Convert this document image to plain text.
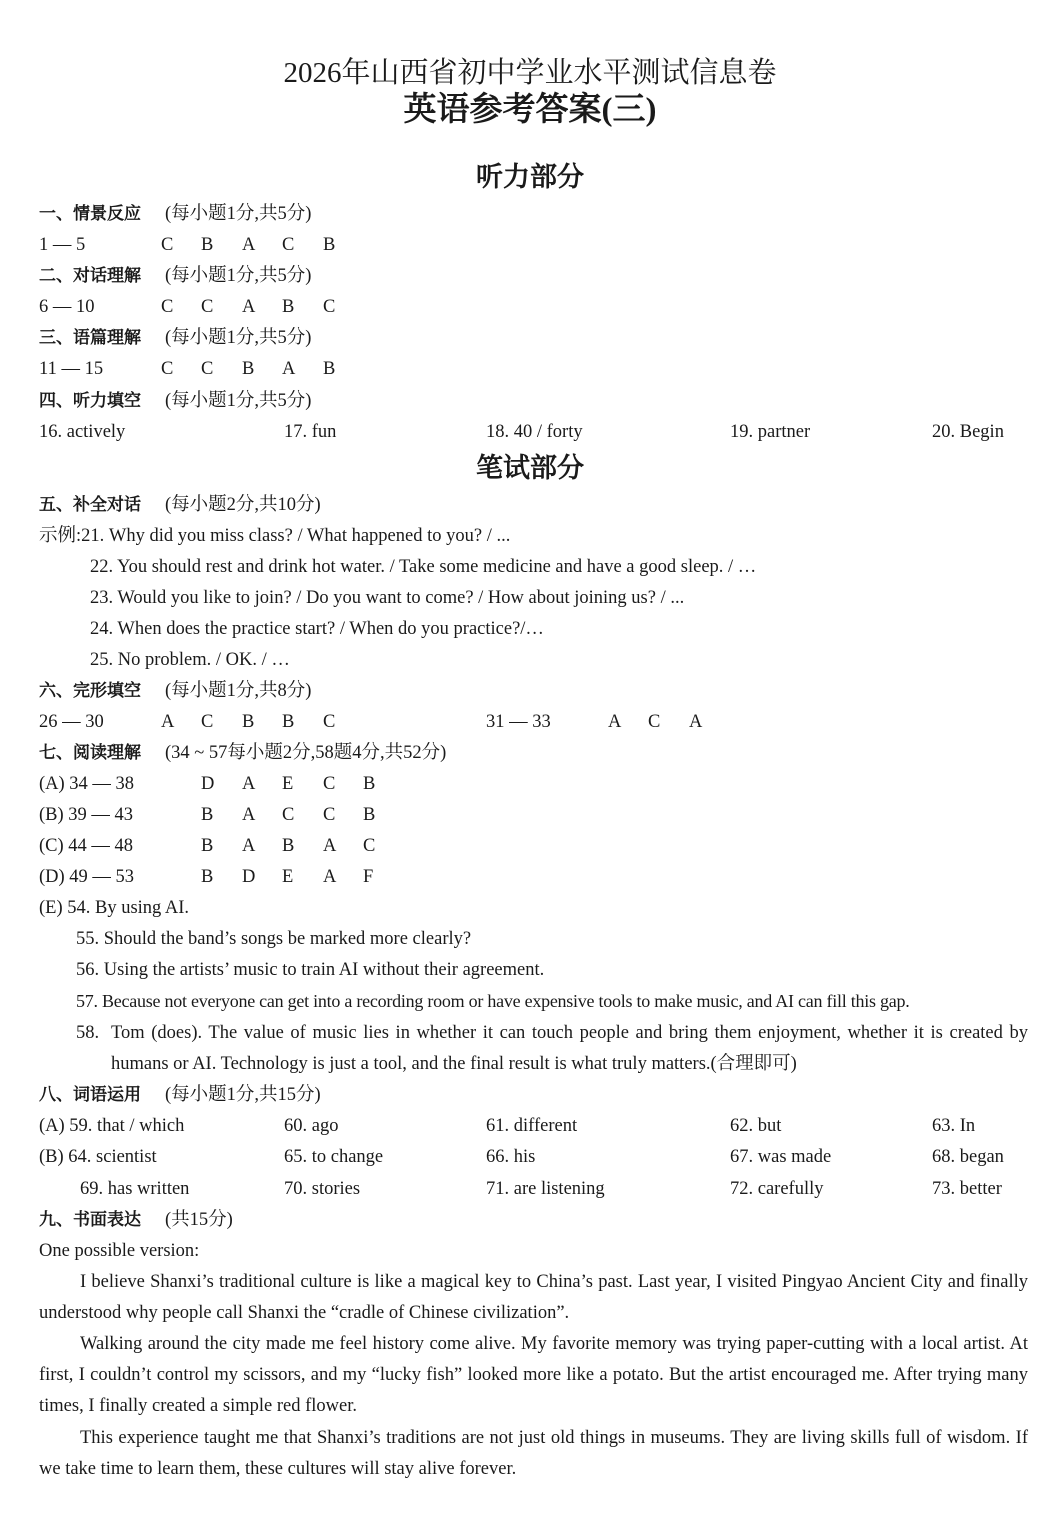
2026年山西省初中学业水平测试信息卷
英语参考答案(三)
听力部分
一、情景反应 (每小题1分,共5分)
1 — 5	C B A C B
二、对话理解 (每小题1分,共5分)
6 — 10	C C A B C
三、语篇理解 (每小题1分,共5分)
11 — 15	C C B A B
四、听力填空 (每小题1分,共5分)
16. actively	17. fun	18. 40 / forty	19. partner	20. Begin
笔试部分
五、补全对话 (每小题2分,共10分)
示例:21. Why did you miss class? / What happened to you? / ...
22. You should rest and drink hot water. / Take some medicine and have a good sleep. / …
23. Would you like to join? / Do you want to come? / How about joining us? / ...
24. When does the practice start? / When do you practice?/…
25. No problem. / OK. / …
六、完形填空 (每小题1分,共8分)
26 — 30	A C B B C	31 — 33	A C A
七、阅读理解 (34 ~ 57每小题2分,58题4分,共52分)
(A) 34 — 38	D A E C B
(B) 39 — 43	B A C C B
(C) 44 — 48	B A B A C
(D) 49 — 53	B D E A F
(E) 54. By using AI.
55. Should the band’s songs be marked more clearly?
56. Using the artists’ music to train AI without their agreement.
57. Because not everyone can get into a recording room or have expensive tools to make music, and AI can fill this gap.
58. Tom (does). The value of music lies in whether it can touch people and bring them enjoyment, whether it is created by humans or AI. Technology is just a tool, and the final result is what truly matters.(合理即可)
八、词语运用 (每小题1分,共15分)
(A) 59. that / which	60. ago	61. different	62. but	63. In
(B) 64. scientist	65. to change	66. his	67. was made	68. began
69. has written	70. stories	71. are listening	72. carefully	73. better
九、书面表达 (共15分)
One possible version:
I believe Shanxi’s traditional culture is like a magical key to China’s past. Last year, I visited Pingyao Ancient City and finally understood why people call Shanxi the “cradle of Chinese civilization”.
Walking around the city made me feel history come alive. My favorite memory was trying paper-cutting with a local artist. At first, I couldn’t control my scissors, and my “lucky fish” looked more like a potato. But the artist encouraged me. After trying many times, I finally created a simple red flower.
This experience taught me that Shanxi’s traditions are not just old things in museums. They are living skills full of wisdom. If we take time to learn them, these cultures will stay alive forever.
